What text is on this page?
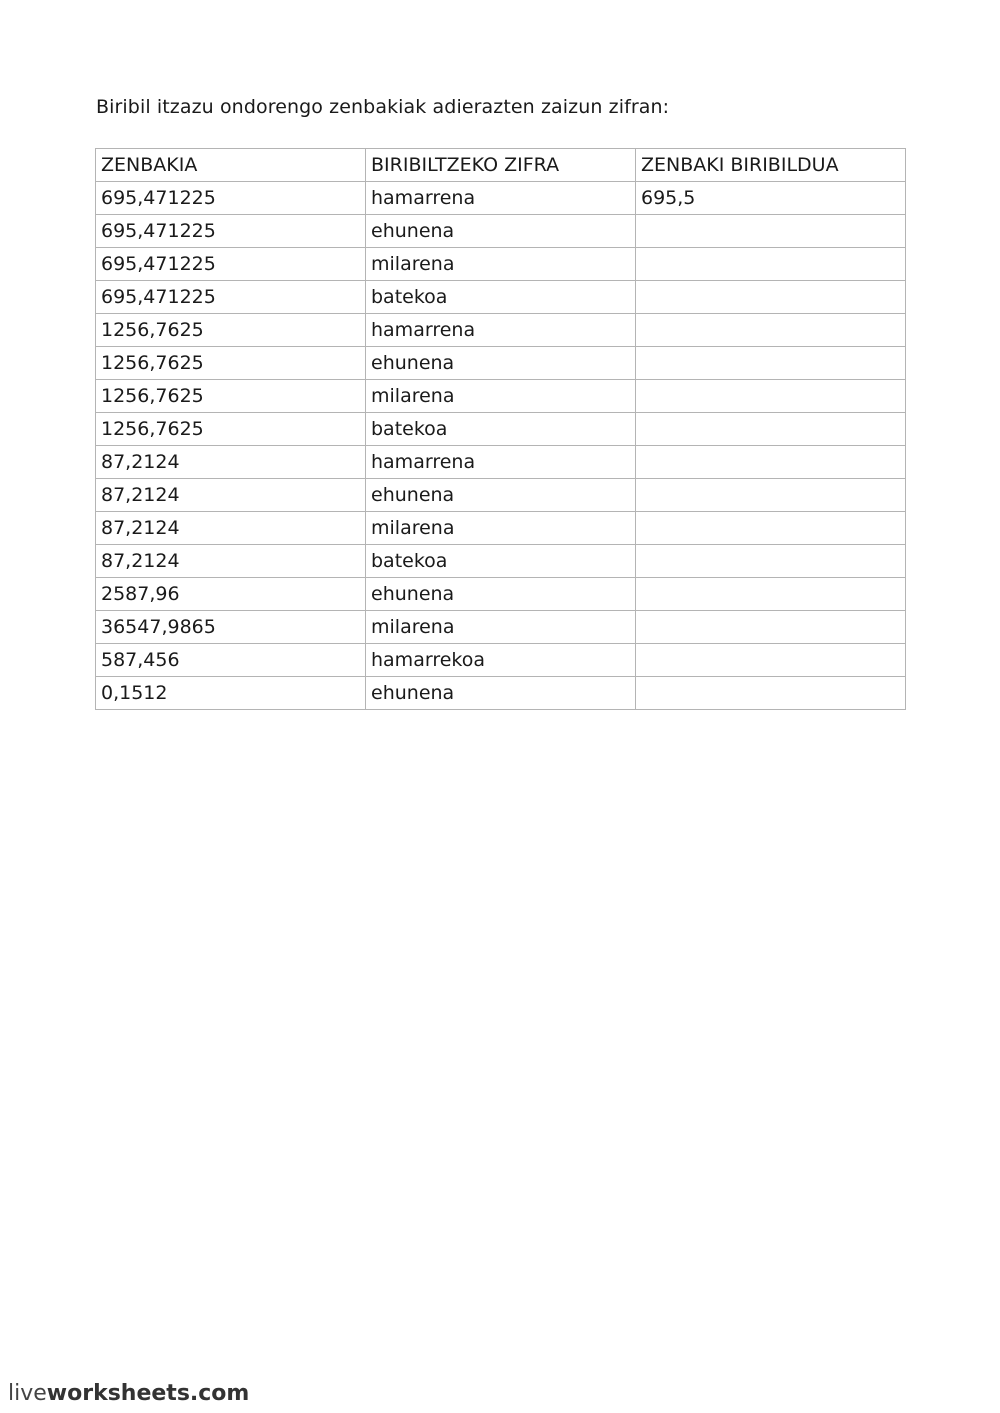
Biribil itzazu ondorengo zenbakiak adierazten zaizun zifran:
ZENBAKIA	BIRIBILTZEKO ZIFRA	ZENBAKI BIRIBILDUA
695,471225	hamarrena	695,5
695,471225	ehunena	
695,471225	milarena	
695,471225	batekoa	
1256,7625	hamarrena	
1256,7625	ehunena	
1256,7625	milarena	
1256,7625	batekoa	
87,2124	hamarrena	
87,2124	ehunena	
87,2124	milarena	
87,2124	batekoa	
2587,96	ehunena	
36547,9865	milarena	
587,456	hamarrekoa	
0,1512	ehunena	
liveworksheets.com
